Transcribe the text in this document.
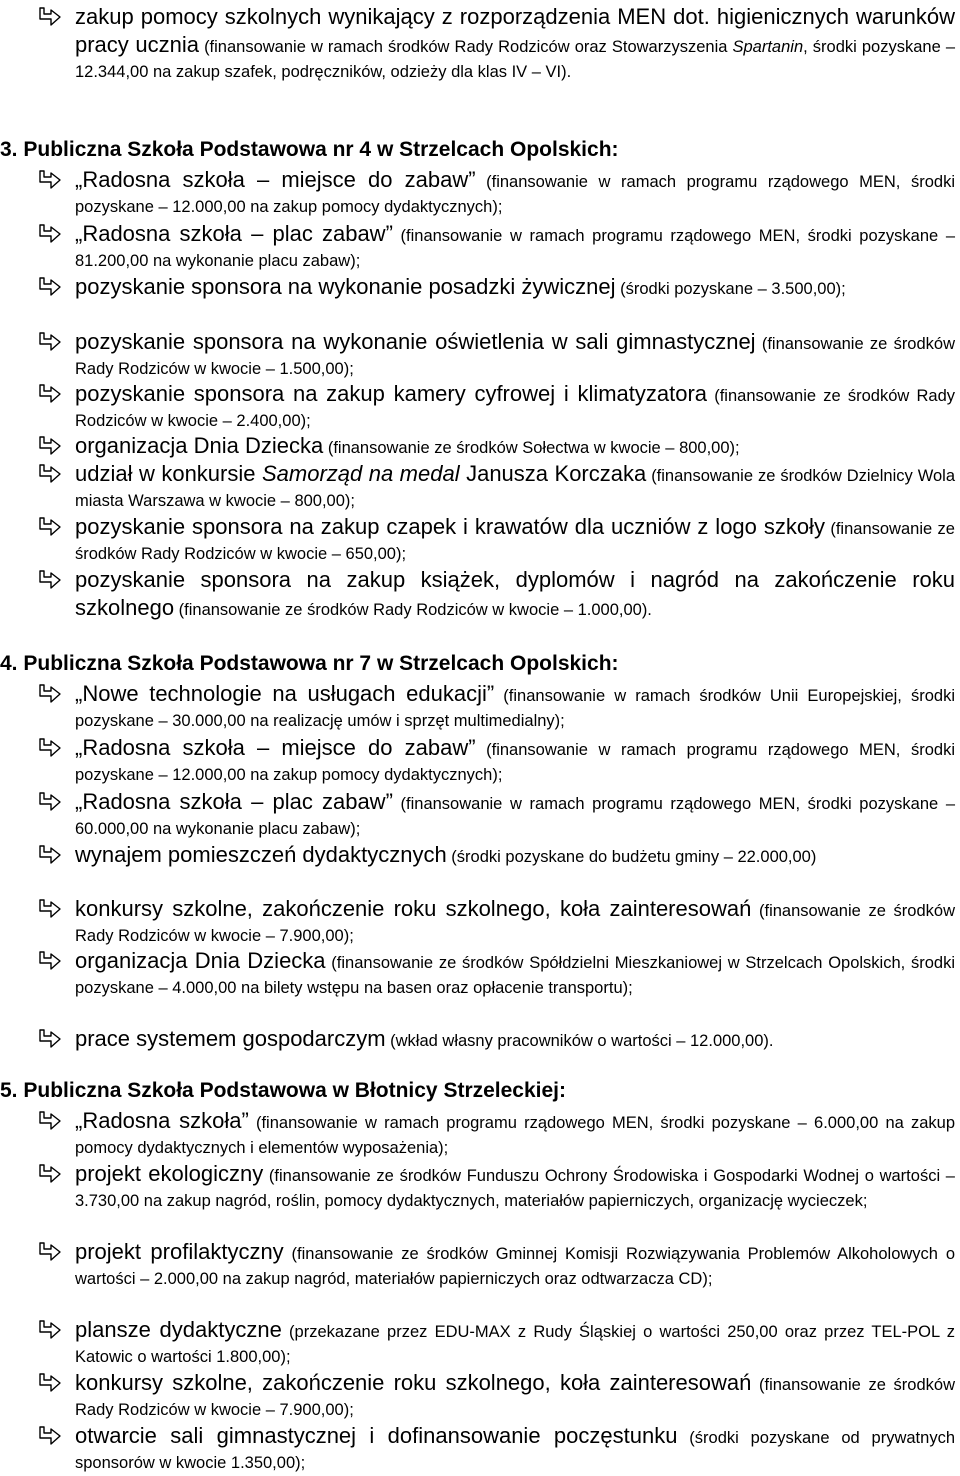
zakup pomocy szkolnych wynikający z rozporządzenia MEN dot. higienicznych warunków pracy ucznia (finansowanie w ramach środków Rady Rodziców oraz Stowarzyszenia Spartanin, środki pozyskane – 12.344,00 na zakup szafek, podręczników, odzieży dla klas IV – VI).

3. Publiczna Szkoła Podstawowa nr 4 w Strzelcach Opolskich:

„Radosna szkoła – miejsce do zabaw” (finansowanie w ramach programu rządowego MEN, środki pozyskane – 12.000,00 na zakup pomocy dydaktycznych);
„Radosna szkoła – plac zabaw” (finansowanie w ramach programu rządowego MEN, środki pozyskane – 81.200,00 na wykonanie placu zabaw);
pozyskanie sponsora na wykonanie posadzki żywicznej (środki pozyskane – 3.500,00);
pozyskanie sponsora na wykonanie oświetlenia w sali gimnastycznej (finansowanie ze środków Rady Rodziców w kwocie – 1.500,00);
pozyskanie sponsora na zakup kamery cyfrowej i klimatyzatora (finansowanie ze środków Rady Rodziców w kwocie – 2.400,00);
organizacja Dnia Dziecka (finansowanie ze środków Sołectwa w kwocie – 800,00);
udział w konkursie Samorząd na medal Janusza Korczaka (finansowanie ze środków Dzielnicy Wola miasta Warszawa w kwocie – 800,00);
pozyskanie sponsora na zakup czapek i krawatów dla uczniów z logo szkoły (finansowanie ze środków Rady Rodziców w kwocie – 650,00);
pozyskanie sponsora na zakup książek, dyplomów i nagród na zakończenie roku szkolnego (finansowanie ze środków Rady Rodziców w kwocie – 1.000,00).

4. Publiczna Szkoła Podstawowa nr 7 w Strzelcach Opolskich:

„Nowe technologie na usługach edukacji” (finansowanie w ramach środków Unii Europejskiej, środki pozyskane – 30.000,00 na realizację umów i sprzęt multimedialny);
„Radosna szkoła – miejsce do zabaw” (finansowanie w ramach programu rządowego MEN, środki pozyskane – 12.000,00 na zakup pomocy dydaktycznych);
„Radosna szkoła – plac zabaw” (finansowanie w ramach programu rządowego MEN, środki pozyskane – 60.000,00 na wykonanie placu zabaw);
wynajem pomieszczeń dydaktycznych (środki pozyskane do budżetu gminy – 22.000,00)
konkursy szkolne, zakończenie roku szkolnego, koła zainteresowań (finansowanie ze środków Rady Rodziców w kwocie – 7.900,00);
organizacja Dnia Dziecka (finansowanie ze środków Spółdzielni Mieszkaniowej w Strzelcach Opolskich, środki pozyskane – 4.000,00 na bilety wstępu na basen oraz opłacenie transportu);
prace systemem gospodarczym (wkład własny pracowników o wartości – 12.000,00).

5. Publiczna Szkoła Podstawowa w Błotnicy Strzeleckiej:

„Radosna szkoła” (finansowanie w ramach programu rządowego MEN, środki pozyskane – 6.000,00 na zakup pomocy dydaktycznych i elementów wyposażenia);
projekt ekologiczny (finansowanie ze środków Funduszu Ochrony Środowiska i Gospodarki Wodnej o wartości – 3.730,00 na zakup nagród, roślin, pomocy dydaktycznych, materiałów papierniczych, organizację wycieczek;
projekt profilaktyczny (finansowanie ze środków Gminnej Komisji Rozwiązywania Problemów Alkoholowych o wartości – 2.000,00 na zakup nagród, materiałów papierniczych oraz odtwarzacza CD);
plansze dydaktyczne (przekazane przez EDU-MAX z Rudy Śląskiej o wartości 250,00 oraz przez TEL-POL z Katowic o wartości 1.800,00);
konkursy szkolne, zakończenie roku szkolnego, koła zainteresowań (finansowanie ze środków Rady Rodziców w kwocie – 7.900,00);
otwarcie sali gimnastycznej i dofinansowanie poczęstunku (środki pozyskane od prywatnych sponsorów w kwocie 1.350,00);
